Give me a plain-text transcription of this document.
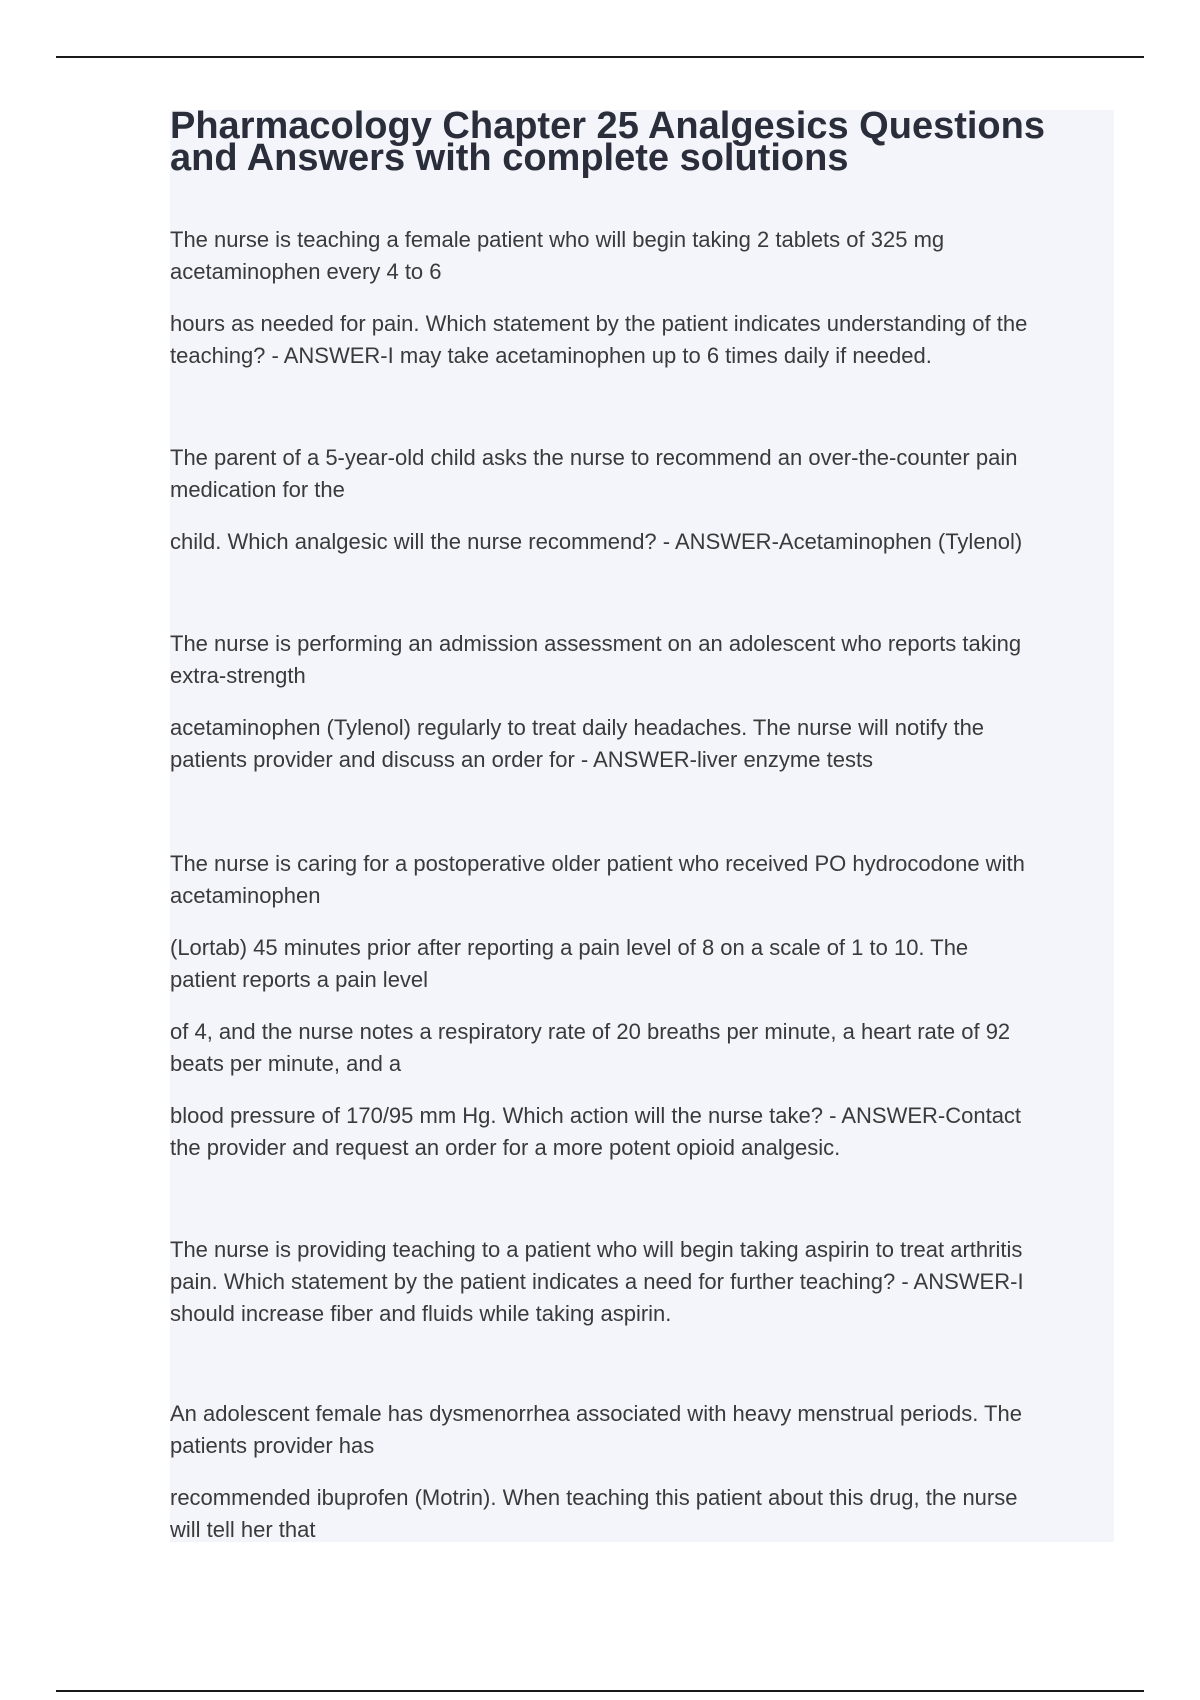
Pharmacology Chapter 25 Analgesics Questions
and Answers with complete solutions

The nurse is teaching a female patient who will begin taking 2 tablets of 325 mg
acetaminophen every 4 to 6

hours as needed for pain. Which statement by the patient indicates understanding of the
teaching? - ANSWER-I may take acetaminophen up to 6 times daily if needed.

The parent of a 5-year-old child asks the nurse to recommend an over-the-counter pain
medication for the

child. Which analgesic will the nurse recommend? - ANSWER-Acetaminophen (Tylenol)

The nurse is performing an admission assessment on an adolescent who reports taking
extra-strength

acetaminophen (Tylenol) regularly to treat daily headaches. The nurse will notify the
patients provider and discuss an order for - ANSWER-liver enzyme tests

The nurse is caring for a postoperative older patient who received PO hydrocodone with
acetaminophen

(Lortab) 45 minutes prior after reporting a pain level of 8 on a scale of 1 to 10. The
patient reports a pain level

of 4, and the nurse notes a respiratory rate of 20 breaths per minute, a heart rate of 92
beats per minute, and a

blood pressure of 170/95 mm Hg. Which action will the nurse take? - ANSWER-Contact
the provider and request an order for a more potent opioid analgesic.

The nurse is providing teaching to a patient who will begin taking aspirin to treat arthritis
pain. Which statement by the patient indicates a need for further teaching? - ANSWER-I
should increase fiber and fluids while taking aspirin.

An adolescent female has dysmenorrhea associated with heavy menstrual periods. The
patients provider has

recommended ibuprofen (Motrin). When teaching this patient about this drug, the nurse
will tell her that
